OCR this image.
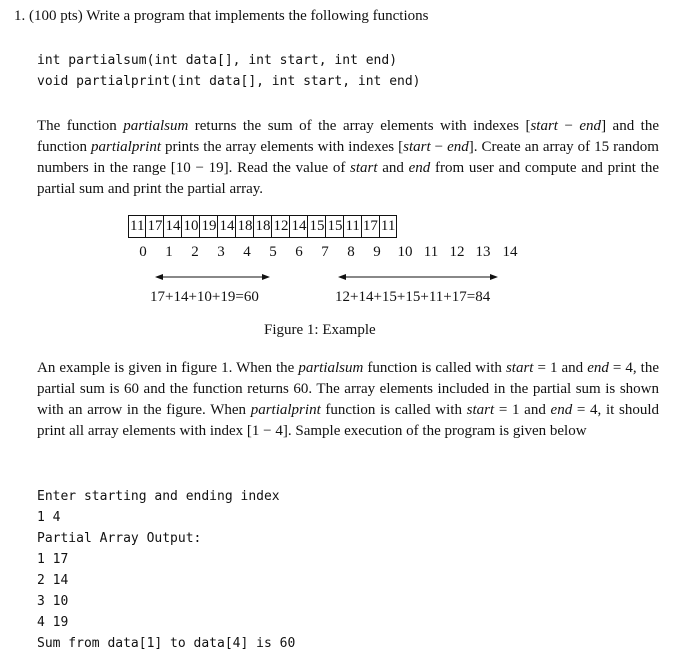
1. (100 pts) Write a program that implements the following functions
int partialsum(int data[], int start, int end)
void partialprint(int data[], int start, int end)
The function partialsum returns the sum of the array elements with indexes [start − end] and the function partialprint prints the array elements with indexes [start − end]. Create an array of 15 random numbers in the range [10 − 19]. Read the value of start and end from user and compute and print the partial sum and print the partial array.
11	17	14	10	19	14	18	18	12	14	15	15	11	17	11
0	1	2	3	4	5	6	7	8	9	10 11 12 13 14
17+14+10+19=60	12+14+15+15+11+17=84
Figure 1: Example
An example is given in figure 1. When the partialsum function is called with start = 1 and end = 4, the partial sum is 60 and the function returns 60. The array elements included in the partial sum is shown with an arrow in the figure. When partialprint function is called with start = 1 and end = 4, it should print all array elements with index [1 − 4]. Sample execution of the program is given below
Enter starting and ending index
1 4
Partial Array Output:
1 17
2 14
3 10
4 19
Sum from data[1] to data[4] is 60
